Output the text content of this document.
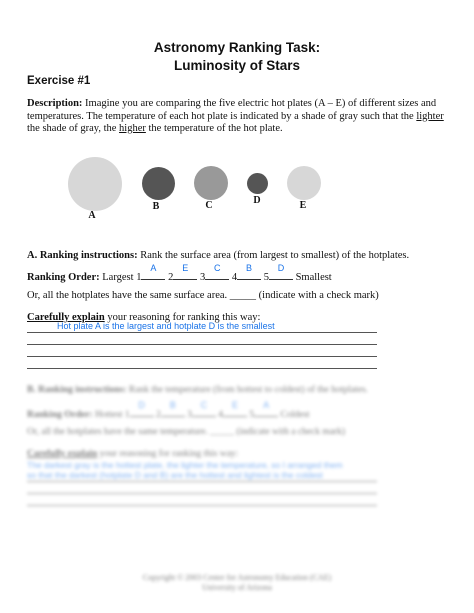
Astronomy Ranking Task:
Luminosity of Stars
Exercise #1
Description: Imagine you are comparing the five electric hot plates (A – E) of different sizes and temperatures. The temperature of each hot plate is indicated by a shade of gray such that the lighter the shade of gray, the higher the temperature of the hot plate.
A
B	C	D	E
A. Ranking instructions: Rank the surface area (from largest to smallest) of the hotplates.
Ranking Order: Largest 1
A
2
E
3
C
4
B
5
D
Smallest
Or, all the hotplates have the same surface area. _____ (indicate with a check mark)
Carefully explain your reasoning for ranking this way:
Hot plate A is the largest and hotplate D is the smallest
B. Ranking instructions: Rank the temperature (from hottest to coldest) of the hotplates.
Ranking Order: Hottest 1
D
2
B
3
C
4
E
5
A
Coldest
Or, all the hotplates have the same temperature. _____ (indicate with a check mark)
Carefully explain your reasoning for ranking this way:
The darkest gray is the hottest plate, the lighter the temperature, so I arranged them
so that the darkest (hotplate D and B) are the hottest and lightest is the coldest
Copyright © 2003 Center for Astronomy Education (CAE)
University of Arizona
